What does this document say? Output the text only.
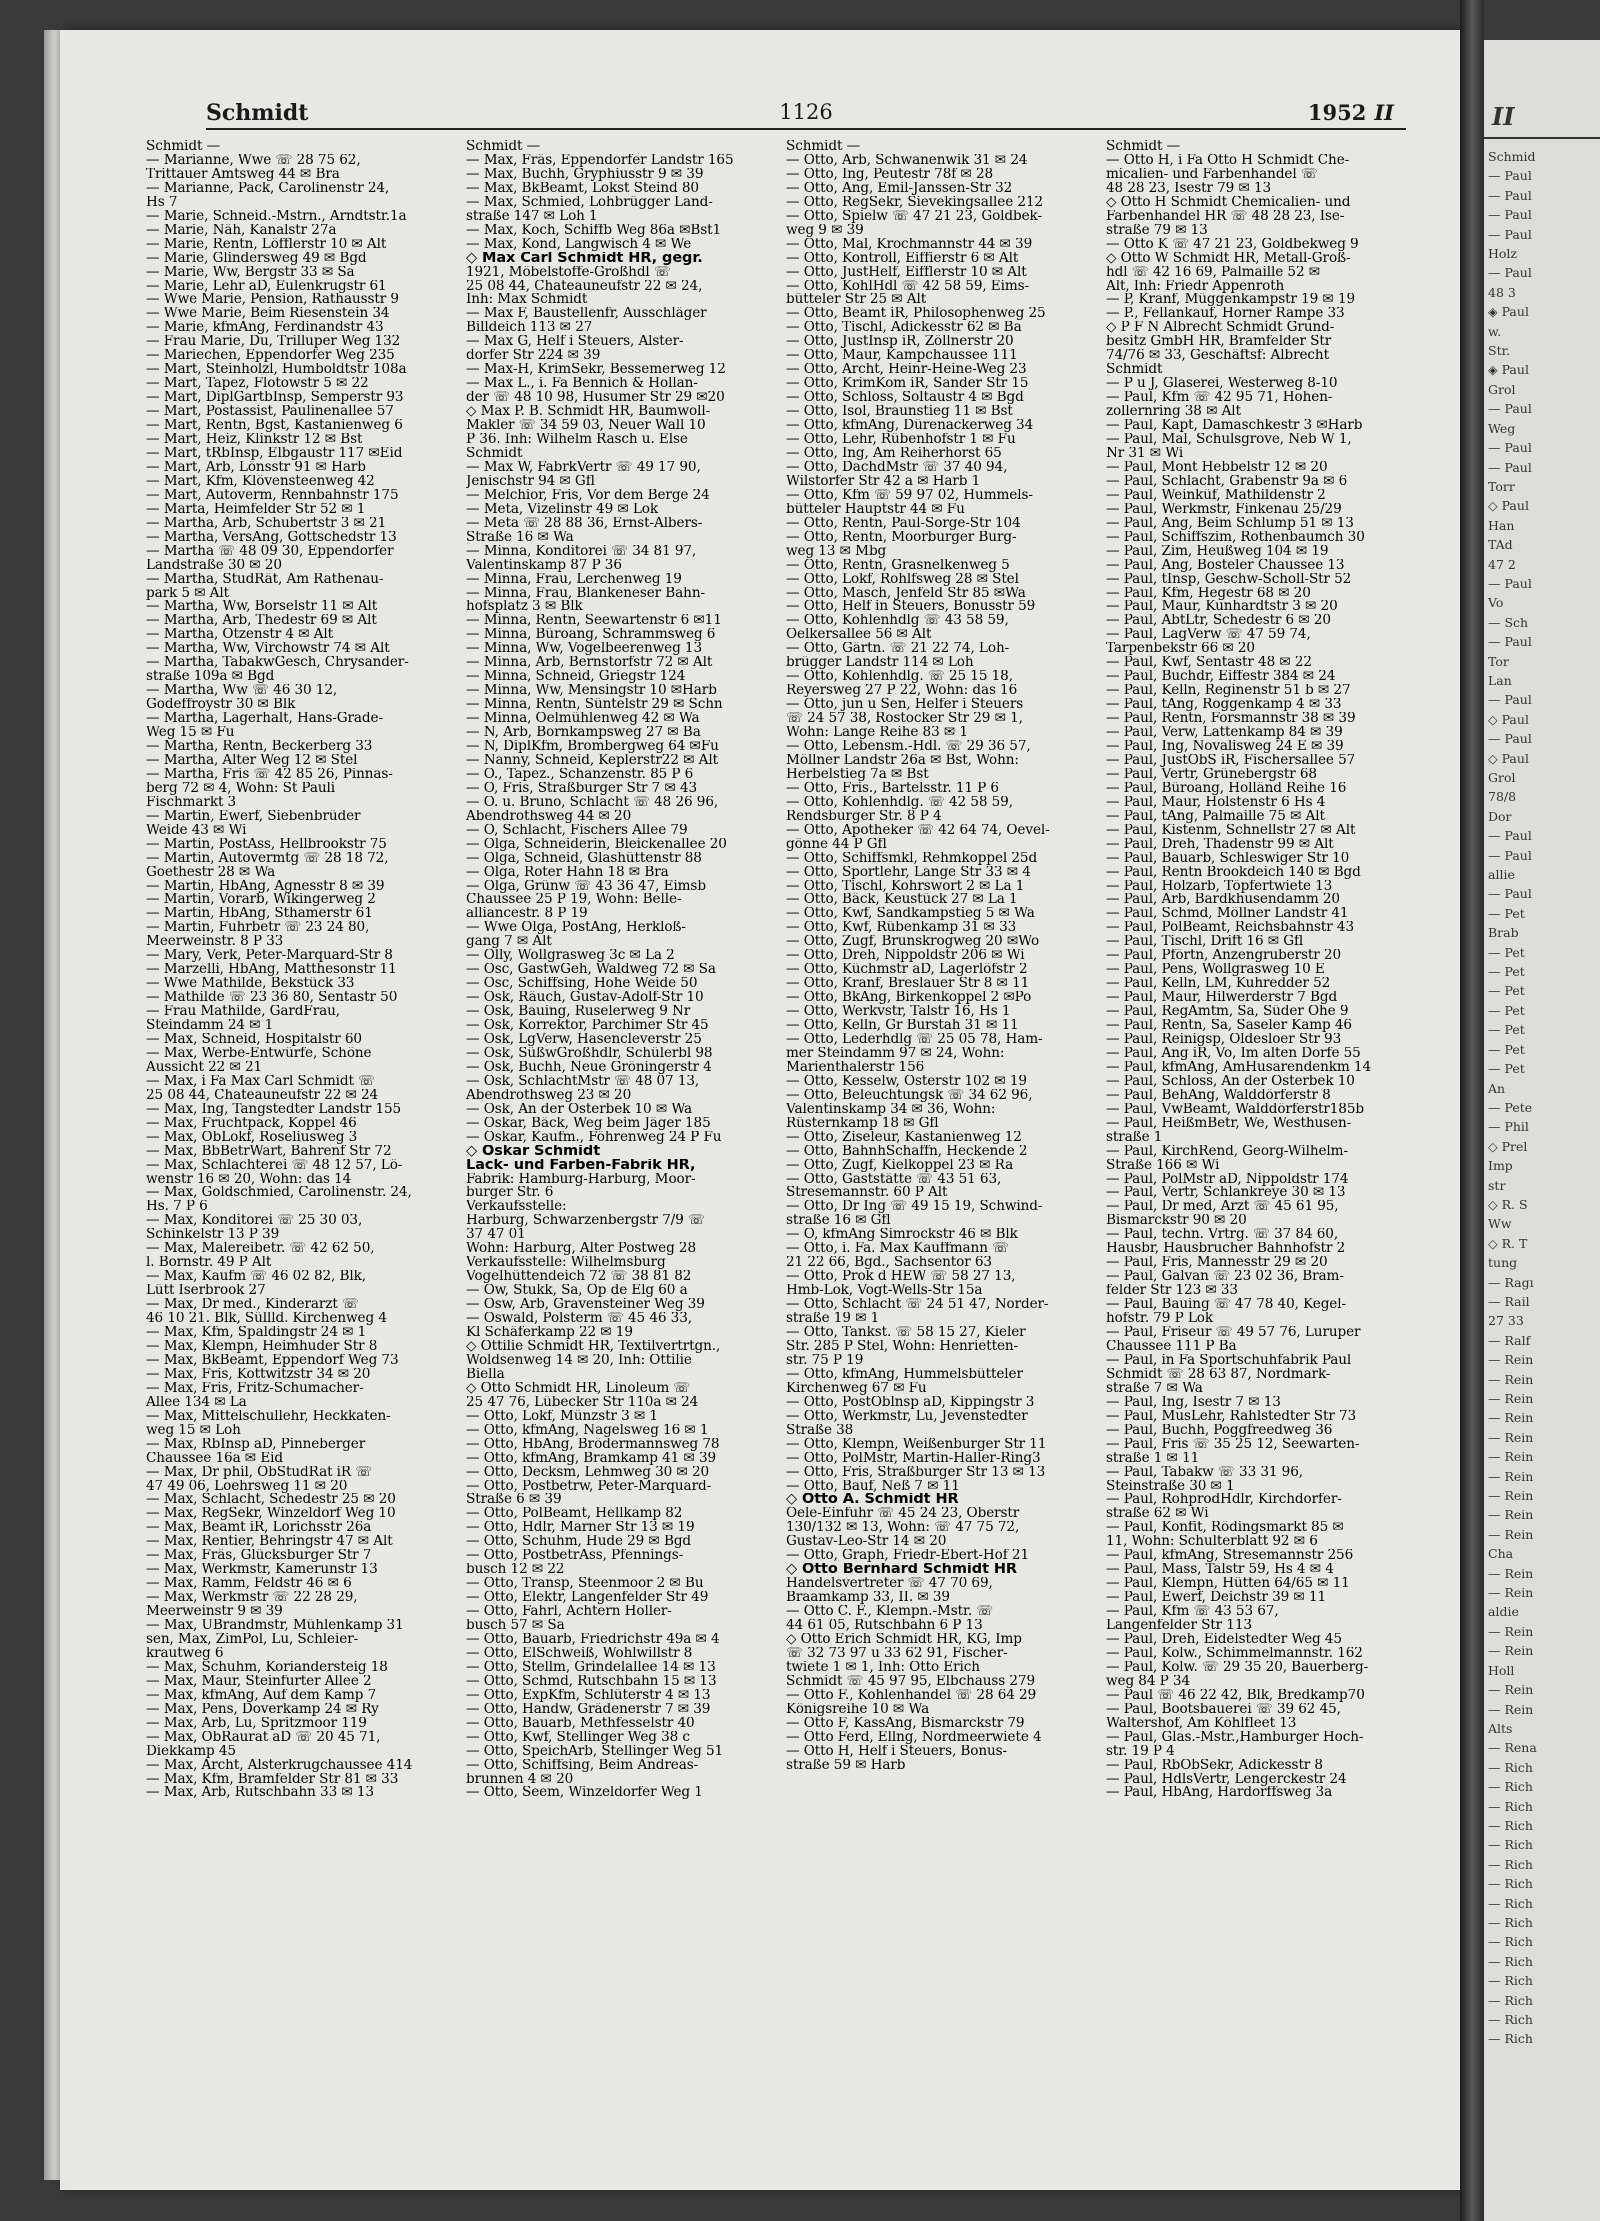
Schmidt	1126	1952 II
Schmidt —
— Marianne, Wwe ☏ 28 75 62,
Trittauer Amtsweg 44 ✉ Bra
— Marianne, Pack, Carolinenstr 24,
Hs 7
— Marie, Schneid.-Mstrn., Arndtstr.1a
— Marie, Näh, Kanalstr 27a
— Marie, Rentn, Löfflerstr 10 ✉ Alt
— Marie, Glindersweg 49 ✉ Bgd
— Marie, Ww, Bergstr 33 ✉ Sa
— Marie, Lehr aD, Eulenkrugstr 61
— Wwe Marie, Pension, Rathausstr 9
— Wwe Marie, Beim Riesenstein 34
— Marie, kfmAng, Ferdinandstr 43
— Frau Marie, Du, Trilluper Weg 132
— Mariechen, Eppendorfer Weg 235
— Mart, Steinholzl, Humboldtstr 108a
— Mart, Tapez, Flotowstr 5 ✉ 22
— Mart, DiplGartbInsp, Semperstr 93
— Mart, Postassist, Paulinenallee 57
— Mart, Rentn, Bgst, Kastanienweg 6
— Mart, Heiz, Klinkstr 12 ✉ Bst
— Mart, tRbInsp, Elbgaustr 117 ✉Eid
— Mart, Arb, Lönsstr 91 ✉ Harb
— Mart, Kfm, Klövensteenweg 42
— Mart, Autoverm, Rennbahnstr 175
— Marta, Heimfelder Str 52 ✉ 1
— Martha, Arb, Schubertstr 3 ✉ 21
— Martha, VersAng, Gottschedstr 13
— Martha ☏ 48 09 30, Eppendorfer
Landstraße 30 ✉ 20
— Martha, StudRät, Am Rathenau-
park 5 ✉ Alt
— Martha, Ww, Borselstr 11 ✉ Alt
— Martha, Arb, Thedestr 69 ✉ Alt
— Martha, Otzenstr 4 ✉ Alt
— Martha, Ww, Virchowstr 74 ✉ Alt
— Martha, TabakwGesch, Chrysander-
straße 109a ✉ Bgd
— Martha, Ww ☏ 46 30 12,
Godeffroystr 30 ✉ Blk
— Martha, Lagerhalt, Hans-Grade-
Weg 15 ✉ Fu
— Martha, Rentn, Beckerberg 33
— Martha, Alter Weg 12 ✉ Stel
— Martha, Fris ☏ 42 85 26, Pinnas-
berg 72 ✉ 4, Wohn: St Pauli
Fischmarkt 3
— Martin, Ewerf, Siebenbrüder
Weide 43 ✉ Wi
— Martin, PostAss, Hellbrookstr 75
— Martin, Autovermtg ☏ 28 18 72,
Goethestr 28 ✉ Wa
— Martin, HbAng, Agnesstr 8 ✉ 39
— Martin, Vorarb, Wikingerweg 2
— Martin, HbAng, Sthamerstr 61
— Martin, Fuhrbetr ☏ 23 24 80,
Meerweinstr. 8 P 33
— Mary, Verk, Peter-Marquard-Str 8
— Marzelli, HbAng, Matthesonstr 11
— Wwe Mathilde, Bekstück 33
— Mathilde ☏ 23 36 80, Sentastr 50
— Frau Mathilde, GardFrau,
Steindamm 24 ✉ 1
— Max, Schneid, Hospitalstr 60
— Max, Werbe-Entwürfe, Schöne
Aussicht 22 ✉ 21
— Max, i Fa Max Carl Schmidt ☏
25 08 44, Chateauneufstr 22 ✉ 24
— Max, Ing, Tangstedter Landstr 155
— Max, Fruchtpack, Koppel 46
— Max, ObLokf, Roseliusweg 3
— Max, BbBetrWart, Bahrenf Str 72
— Max, Schlachterei ☏ 48 12 57, Lö-
wenstr 16 ✉ 20, Wohn: das 14
— Max, Goldschmied, Carolinenstr. 24,
Hs. 7 P 6
— Max, Konditorei ☏ 25 30 03,
Schinkelstr 13 P 39
— Max, Malereibetr. ☏ 42 62 50,
l. Bornstr. 49 P Alt
— Max, Kaufm ☏ 46 02 82, Blk,
Lütt Iserbrook 27
— Max, Dr med., Kinderarzt ☏
46 10 21. Blk, Süllld. Kirchenweg 4
— Max, Kfm, Spaldingstr 24 ✉ 1
— Max, Klempn, Heimhuder Str 8
— Max, BkBeamt, Eppendorf Weg 73
— Max, Fris, Kottwitzstr 34 ✉ 20
— Max, Fris, Fritz-Schumacher-
Allee 134 ✉ La
— Max, Mittelschullehr, Heckkaten-
weg 15 ✉ Loh
— Max, RbInsp aD, Pinneberger
Chaussee 16a ✉ Eid
— Max, Dr phil, ObStudRat iR ☏
47 49 06, Loehrsweg 11 ✉ 20
— Max, Schlacht, Schedestr 25 ✉ 20
— Max, RegSekr, Winzeldorf Weg 10
— Max, Beamt iR, Lorichsstr 26a
— Max, Rentier, Behringstr 47 ✉ Alt
— Max, Fräs, Glücksburger Str 7
— Max, Werkmstr, Kamerunstr 13
— Max, Ramm, Feldstr 46 ✉ 6
— Max, Werkmstr ☏ 22 28 29,
Meerweinstr 9 ✉ 39
— Max, UBrandmstr, Mühlenkamp 31
sen, Max, ZimPol, Lu, Schleier-
krautweg 6
— Max, Schuhm, Koriandersteig 18
— Max, Maur, Steinfurter Allee 2
— Max, kfmAng, Auf dem Kamp 7
— Max, Pens, Doverkamp 24 ✉ Ry
— Max, Arb, Lu, Spritzmoor 119
— Max, ObRaurat aD ☏ 20 45 71,
Diekkamp 45
— Max, Archt, Alsterkrugchaussee 414
— Max, Kfm, Bramfelder Str 81 ✉ 33
— Max, Arb, Rutschbahn 33 ✉ 13
Schmidt —
— Max, Fräs, Eppendorfer Landstr 165
— Max, Buchh, Gryphiusstr 9 ✉ 39
— Max, BkBeamt, Lokst Steind 80
— Max, Schmied, Lohbrügger Land-
straße 147 ✉ Loh 1
— Max, Koch, Schiffb Weg 86a ✉Bst1
— Max, Kond, Langwisch 4 ✉ We
◇ Max Carl Schmidt HR, gegr.
1921, Möbelstoffe-Großhdl ☏
25 08 44, Chateauneufstr 22 ✉ 24,
Inh: Max Schmidt
— Max F, Baustellenfr, Ausschläger
Billdeich 113 ✉ 27
— Max G, Helf i Steuers, Alster-
dorfer Str 224 ✉ 39
— Max-H, KrimSekr, Bessemerweg 12
— Max L., i. Fa Bennich & Hollan-
der ☏ 48 10 98, Husumer Str 29 ✉20
◇ Max P. B. Schmidt HR, Baumwoll-
Makler ☏ 34 59 03, Neuer Wall 10
P 36. Inh: Wilhelm Rasch u. Else
Schmidt
— Max W, FabrkVertr ☏ 49 17 90,
Jenischstr 94 ✉ Gfl
— Melchior, Fris, Vor dem Berge 24
— Meta, Vizelinstr 49 ✉ Lok
— Meta ☏ 28 88 36, Ernst-Albers-
Straße 16 ✉ Wa
— Minna, Konditorei ☏ 34 81 97,
Valentinskamp 87 P 36
— Minna, Frau, Lerchenweg 19
— Minna, Frau, Blankeneser Bahn-
hofsplatz 3 ✉ Blk
— Minna, Rentn, Seewartenstr 6 ✉11
— Minna, Büroang, Schrammsweg 6
— Minna, Ww, Vogelbeerenweg 13
— Minna, Arb, Bernstorfstr 72 ✉ Alt
— Minna, Schneid, Griegstr 124
— Minna, Ww, Mensingstr 10 ✉Harb
— Minna, Rentn, Süntelstr 29 ✉ Schn
— Minna, Oelmühlenweg 42 ✉ Wa
— N, Arb, Bornkampsweg 27 ✉ Ba
— N, DiplKfm, Brombergweg 64 ✉Fu
— Nanny, Schneid, Keplerstr22 ✉ Alt
— O., Tapez., Schanzenstr. 85 P 6
— O, Fris, Straßburger Str 7 ✉ 43
— O. u. Bruno, Schlacht ☏ 48 26 96,
Abendrothsweg 44 ✉ 20
— O, Schlacht, Fischers Allee 79
— Olga, Schneiderin, Bleickenallee 20
— Olga, Schneid, Glashüttenstr 88
— Olga, Roter Hahn 18 ✉ Bra
— Olga, Grünw ☏ 43 36 47, Eimsb
Chaussee 25 P 19, Wohn: Belle-
alliancestr. 8 P 19
— Wwe Olga, PostAng, Herkloß-
gang 7 ✉ Alt
— Olly, Wollgrasweg 3c ✉ La 2
— Osc, GastwGeh, Waldweg 72 ✉ Sa
— Osc, Schiffsing, Hohe Weide 50
— Osk, Räuch, Gustav-Adolf-Str 10
— Osk, Bauing, Ruselerweg 9 Nr
— Osk, Korrektor, Parchimer Str 45
— Osk, LgVerw, Hasencleverstr 25
— Osk, SüßwGroßhdlr, Schülerbl 98
— Osk, Buchh, Neue Gröningerstr 4
— Osk, SchlachtMstr ☏ 48 07 13,
Abendrothsweg 23 ✉ 20
— Osk, An der Osterbek 10 ✉ Wa
— Oskar, Bäck, Weg beim Jäger 185
— Oskar, Kaufm., Föhrenweg 24 P Fu
◇ Oskar Schmidt
Lack- und Farben-Fabrik HR,
Fabrik: Hamburg-Harburg, Moor-
burger Str. 6
Verkaufsstelle:
Harburg, Schwarzenbergstr 7/9 ☏
37 47 01
Wohn: Harburg, Alter Postweg 28
Verkaufsstelle: Wilhelmsburg
Vogelhüttendeich 72 ☏ 38 81 82
— Ow, Stukk, Sa, Op de Elg 60 a
— Osw, Arb, Gravensteiner Weg 39
— Oswald, Polsterm ☏ 45 46 33,
Kl Schäferkamp 22 ✉ 19
◇ Ottilie Schmidt HR, Textilvertrtgn.,
Woldsenweg 14 ✉ 20, Inh: Ottilie
Biella
◇ Otto Schmidt HR, Linoleum ☏
25 47 76, Lübecker Str 110a ✉ 24
— Otto, Lokf, Münzstr 3 ✉ 1
— Otto, kfmAng, Nagelsweg 16 ✉ 1
— Otto, HbAng, Brödermannsweg 78
— Otto, kfmAng, Bramkamp 41 ✉ 39
— Otto, Decksm, Lehmweg 30 ✉ 20
— Otto, Postbetrw, Peter-Marquard-
Straße 6 ✉ 39
— Otto, PolBeamt, Hellkamp 82
— Otto, Hdlr, Marner Str 13 ✉ 19
— Otto, Schuhm, Hude 29 ✉ Bgd
— Otto, PostbetrAss, Pfennings-
busch 12 ✉ 22
— Otto, Transp, Steenmoor 2 ✉ Bu
— Otto, Elektr, Langenfelder Str 49
— Otto, Fahrl, Achtern Holler-
busch 57 ✉ Sa
— Otto, Bauarb, Friedrichstr 49a ✉ 4
— Otto, ElSchweiß, Wohlwillstr 8
— Otto, Stellm, Grindelallee 14 ✉ 13
— Otto, Schmd, Rutschbahn 15 ✉ 13
— Otto, ExpKfm, Schlüterstr 4 ✉ 13
— Otto, Handw, Grädenerstr 7 ✉ 39
— Otto, Bauarb, Methfesselstr 40
— Otto, Kwf, Stellinger Weg 38 c
— Otto, SpeichArb, Stellinger Weg 51
— Otto, Schiffsing, Beim Andreas-
brunnen 4 ✉ 20
— Otto, Seem, Winzeldorfer Weg 1
Schmidt —
— Otto, Arb, Schwanenwik 31 ✉ 24
— Otto, Ing, Peutestr 78f ✉ 28
— Otto, Ang, Emil-Janssen-Str 32
— Otto, RegSekr, Sievekingsallee 212
— Otto, Spielw ☏ 47 21 23, Goldbek-
weg 9 ✉ 39
— Otto, Mal, Krochmannstr 44 ✉ 39
— Otto, Kontroll, Eiffierstr 6 ✉ Alt
— Otto, JustHelf, Eifflerstr 10 ✉ Alt
— Otto, KohlHdl ☏ 42 58 59, Eims-
bütteler Str 25 ✉ Alt
— Otto, Beamt iR, Philosophenweg 25
— Otto, Tischl, Adickesstr 62 ✉ Ba
— Otto, JustInsp iR, Zöllnerstr 20
— Otto, Maur, Kampchaussee 111
— Otto, Archt, Heinr-Heine-Weg 23
— Otto, KrimKom iR, Sander Str 15
— Otto, Schloss, Soltaustr 4 ✉ Bgd
— Otto, Isol, Braunstieg 11 ✉ Bst
— Otto, kfmAng, Dürenackerweg 34
— Otto, Lehr, Rübenhofstr 1 ✉ Fu
— Otto, Ing, Am Reiherhorst 65
— Otto, DachdMstr ☏ 37 40 94,
Wilstorfer Str 42 a ✉ Harb 1
— Otto, Kfm ☏ 59 97 02, Hummels-
bütteler Hauptstr 44 ✉ Fu
— Otto, Rentn, Paul-Sorge-Str 104
— Otto, Rentn, Moorburger Burg-
weg 13 ✉ Mbg
— Otto, Rentn, Grasnelkenweg 5
— Otto, Lokf, Rohlfsweg 28 ✉ Stel
— Otto, Masch, Jenfeld Str 85 ✉Wa
— Otto, Helf in Steuers, Bonusstr 59
— Otto, Kohlenhdlg ☏ 43 58 59,
Oelkersallee 56 ✉ Alt
— Otto, Gärtn. ☏ 21 22 74, Loh-
brügger Landstr 114 ✉ Loh
— Otto, Kohlenhdlg. ☏ 25 15 18,
Reyersweg 27 P 22, Wohn: das 16
— Otto, jun u Sen, Helfer i Steuers
☏ 24 57 38, Rostocker Str 29 ✉ 1,
Wohn: Lange Reihe 83 ✉ 1
— Otto, Lebensm.-Hdl. ☏ 29 36 57,
Möllner Landstr 26a ✉ Bst, Wohn:
Herbelstieg 7a ✉ Bst
— Otto, Fris., Bartelsstr. 11 P 6
— Otto, Kohlenhdlg. ☏ 42 58 59,
Rendsburger Str. 8 P 4
— Otto, Apotheker ☏ 42 64 74, Oevel-
gönne 44 P Gfl
— Otto, Schiffsmkl, Rehmkoppel 25d
— Otto, Sportlehr, Lange Str 33 ✉ 4
— Otto, Tischl, Kohrswort 2 ✉ La 1
— Otto, Bäck, Keustück 27 ✉ La 1
— Otto, Kwf, Sandkampstieg 5 ✉ Wa
— Otto, Kwf, Rübenkamp 31 ✉ 33
— Otto, Zugf, Brunskrogweg 20 ✉Wo
— Otto, Dreh, Nippoldstr 206 ✉ Wi
— Otto, Küchmstr aD, Lagerlöfstr 2
— Otto, Kranf, Breslauer Str 8 ✉ 11
— Otto, BkAng, Birkenkoppel 2 ✉Po
— Otto, Werkvstr, Talstr 16, Hs 1
— Otto, Kelln, Gr Burstah 31 ✉ 11
— Otto, Lederhdlg ☏ 25 05 78, Ham-
mer Steindamm 97 ✉ 24, Wohn:
Marienthalerstr 156
— Otto, Kesselw, Osterstr 102 ✉ 19
— Otto, Beleuchtungsk ☏ 34 62 96,
Valentinskamp 34 ✉ 36, Wohn:
Rüsternkamp 18 ✉ Gfl
— Otto, Ziseleur, Kastanienweg 12
— Otto, BahnhSchaffn, Heckende 2
— Otto, Zugf, Kielkoppel 23 ✉ Ra
— Otto, Gaststätte ☏ 43 51 63,
Stresemannstr. 60 P Alt
— Otto, Dr Ing ☏ 49 15 19, Schwind-
straße 16 ✉ Gfl
— O, kfmAng Simrockstr 46 ✉ Blk
— Otto, i. Fa. Max Kauffmann ☏
21 22 66, Bgd., Sachsentor 63
— Otto, Prok d HEW ☏ 58 27 13,
Hmb-Lok, Vogt-Wells-Str 15a
— Otto, Schlacht ☏ 24 51 47, Norder-
straße 19 ✉ 1
— Otto, Tankst. ☏ 58 15 27, Kieler
Str. 285 P Stel, Wohn: Henrietten-
str. 75 P 19
— Otto, kfmAng, Hummelsbütteler
Kirchenweg 67 ✉ Fu
— Otto, PostOblnsp aD, Kippingstr 3
— Otto, Werkmstr, Lu, Jevenstedter
Straße 38
— Otto, Klempn, Weißenburger Str 11
— Otto, PolMstr, Martin-Haller-Ring3
— Otto, Fris, Straßburger Str 13 ✉ 13
— Otto, Bauf, Neß 7 ✉ 11
◇ Otto A. Schmidt HR
Oele-Einfuhr ☏ 45 24 23, Oberstr
130/132 ✉ 13, Wohn: ☏ 47 75 72,
Gustav-Leo-Str 14 ✉ 20
— Otto, Graph, Friedr-Ebert-Hof 21
◇ Otto Bernhard Schmidt HR
Handelsvertreter ☏ 47 70 69,
Braamkamp 33, II. ✉ 39
— Otto C. F., Klempn.-Mstr. ☏
44 61 05, Rutschbahn 6 P 13
◇ Otto Erich Schmidt HR, KG, Imp
☏ 32 73 97 u 33 62 91, Fischer-
twiete 1 ✉ 1, Inh: Otto Erich
Schmidt ☏ 45 97 95, Elbchauss 279
— Otto F., Kohlenhandel ☏ 28 64 29
Königsreihe 10 ✉ Wa
— Otto F, KassAng, Bismarckstr 79
— Otto Ferd, Ellng, Nordmeerwiete 4
— Otto H, Helf i Steuers, Bonus-
straße 59 ✉ Harb
Schmidt —
— Otto H, i Fa Otto H Schmidt Che-
micalien- und Farbenhandel ☏
48 28 23, Isestr 79 ✉ 13
◇ Otto H Schmidt Chemicalien- und
Farbenhandel HR ☏ 48 28 23, Ise-
straße 79 ✉ 13
— Otto K ☏ 47 21 23, Goldbekweg 9
◇ Otto W Schmidt HR, Metall-Groß-
hdl ☏ 42 16 69, Palmaille 52 ✉
Alt, Inh: Friedr Appenroth
— P, Kranf, Müggenkampstr 19 ✉ 19
— P., Fellankauf, Horner Rampe 33
◇ P F N Albrecht Schmidt Grund-
besitz GmbH HR, Bramfelder Str
74/76 ✉ 33, Geschäftsf: Albrecht
Schmidt
— P u J, Glaserei, Westerweg 8-10
— Paul, Kfm ☏ 42 95 71, Hohen-
zollernring 38 ✉ Alt
— Paul, Kapt, Damaschkestr 3 ✉Harb
— Paul, Mal, Schulsgrove, Neb W 1,
Nr 31 ✉ Wi
— Paul, Mont Hebbelstr 12 ✉ 20
— Paul, Schlacht, Grabenstr 9a ✉ 6
— Paul, Weinküf, Mathildenstr 2
— Paul, Werkmstr, Finkenau 25/29
— Paul, Ang, Beim Schlump 51 ✉ 13
— Paul, Schiffszim, Rothenbaumch 30
— Paul, Zim, Heußweg 104 ✉ 19
— Paul, Ang, Bosteler Chaussee 13
— Paul, tInsp, Geschw-Scholl-Str 52
— Paul, Kfm, Hegestr 68 ✉ 20
— Paul, Maur, Kunhardtstr 3 ✉ 20
— Paul, AbtLtr, Schedestr 6 ✉ 20
— Paul, LagVerw ☏ 47 59 74,
Tarpenbekstr 66 ✉ 20
— Paul, Kwf, Sentastr 48 ✉ 22
— Paul, Buchdr, Eiffestr 384 ✉ 24
— Paul, Kelln, Reginenstr 51 b ✉ 27
— Paul, tAng, Roggenkamp 4 ✉ 33
— Paul, Rentn, Forsmannstr 38 ✉ 39
— Paul, Verw, Lattenkamp 84 ✉ 39
— Paul, Ing, Novalisweg 24 E ✉ 39
— Paul, JustObS iR, Fischersallee 57
— Paul, Vertr, Grünebergstr 68
— Paul, Büroang, Holländ Reihe 16
— Paul, Maur, Holstenstr 6 Hs 4
— Paul, tAng, Palmaille 75 ✉ Alt
— Paul, Kistenm, Schnellstr 27 ✉ Alt
— Paul, Dreh, Thadenstr 99 ✉ Alt
— Paul, Bauarb, Schleswiger Str 10
— Paul, Rentn Brookdeich 140 ✉ Bgd
— Paul, Holzarb, Töpfertwiete 13
— Paul, Arb, Bardkhusendamm 20
— Paul, Schmd, Möllner Landstr 41
— Paul, PolBeamt, Reichsbahnstr 43
— Paul, Tischl, Drift 16 ✉ Gfl
— Paul, Pförtn, Anzengruberstr 20
— Paul, Pens, Wollgrasweg 10 E
— Paul, Kelln, LM, Kuhredder 52
— Paul, Maur, Hilwerderstr 7 Bgd
— Paul, RegAmtm, Sa, Süder Ohe 9
— Paul, Rentn, Sa, Saseler Kamp 46
— Paul, Reinigsp, Oldesloer Str 93
— Paul, Ang iR, Vo, Im alten Dorfe 55
— Paul, kfmAng, AmHusarendenkm 14
— Paul, Schloss, An der Osterbek 10
— Paul, BehAng, Walddörferstr 8
— Paul, VwBeamt, Walddörferstr185b
— Paul, HeißmBetr, We, Westhusen-
straße 1
— Paul, KirchRend, Georg-Wilhelm-
Straße 166 ✉ Wi
— Paul, PolMstr aD, Nippoldstr 174
— Paul, Vertr, Schlankreye 30 ✉ 13
— Paul, Dr med, Arzt ☏ 45 61 95,
Bismarckstr 90 ✉ 20
— Paul, techn. Vrtrg. ☏ 37 84 60,
Hausbr, Hausbrucher Bahnhofstr 2
— Paul, Fris, Mannesstr 29 ✉ 20
— Paul, Galvan ☏ 23 02 36, Bram-
felder Str 123 ✉ 33
— Paul, Bauing ☏ 47 78 40, Kegel-
hofstr. 79 P Lok
— Paul, Friseur ☏ 49 57 76, Luruper
Chaussee 111 P Ba
— Paul, in Fa Sportschuhfabrik Paul
Schmidt ☏ 28 63 87, Nordmark-
straße 7 ✉ Wa
— Paul, Ing, Isestr 7 ✉ 13
— Paul, MusLehr, Rahlstedter Str 73
— Paul, Buchh, Poggfreedweg 36
— Paul, Fris ☏ 35 25 12, Seewarten-
straße 1 ✉ 11
— Paul, Tabakw ☏ 33 31 96,
Steinstraße 30 ✉ 1
— Paul, RohprodHdlr, Kirchdorfer-
straße 62 ✉ Wi
— Paul, Konfit, Rödingsmarkt 85 ✉
11, Wohn: Schulterblatt 92 ✉ 6
— Paul, kfmAng, Stresemannstr 256
— Paul, Mass, Talstr 59, Hs 4 ✉ 4
— Paul, Klempn, Hütten 64/65 ✉ 11
— Paul, Ewerf, Deichstr 39 ✉ 11
— Paul, Kfm ☏ 43 53 67,
Langenfelder Str 113
— Paul, Dreh, Eidelstedter Weg 45
— Paul, Kolw., Schimmelmannstr. 162
— Paul, Kolw. ☏ 29 35 20, Bauerberg-
weg 84 P 34
— Paul ☏ 46 22 42, Blk, Bredkamp70
— Paul, Bootsbauerei ☏ 39 62 45,
Waltershof, Am Köhlfleet 13
— Paul, Glas.-Mstr.,Hamburger Hoch-
str. 19 P 4
— Paul, RbObSekr, Adickesstr 8
— Paul, HdlsVertr, Lengerckestr 24
— Paul, HbAng, Hardorffsweg 3a
II
Schmid
— Paul
— Paul
— Paul
— Paul
Holz
— Paul
48 3
◈ Paul
w.
Str.
◈ Paul
Grol
— Paul
Weg
— Paul
— Paul
Torr
◇ Paul
Han
TAd
47 2
— Paul
Vo
— Sch
— Paul
Tor
Lan
— Paul
◇ Paul
— Paul
◇ Paul
Grol
78/8
Dor
— Paul
— Paul
allie
— Paul
— Pet
Brab
— Pet
— Pet
— Pet
— Pet
— Pet
— Pet
— Pet
An
— Pete
— Phil
◇ Prel
Imp
str
◇ R. S
Ww
◇ R. T
tung
— Ragı
— Rail
27 33
— Ralf
— Rein
— Rein
— Rein
— Rein
— Rein
— Rein
— Rein
— Rein
— Rein
— Rein
Cha
— Rein
— Rein
aldie
— Rein
— Rein
Holl
— Rein
— Rein
Alts
— Rena
— Rich
— Rich
— Rich
— Rich
— Rich
— Rich
— Rich
— Rich
— Rich
— Rich
— Rich
— Rich
— Rich
— Rich
— Rich
